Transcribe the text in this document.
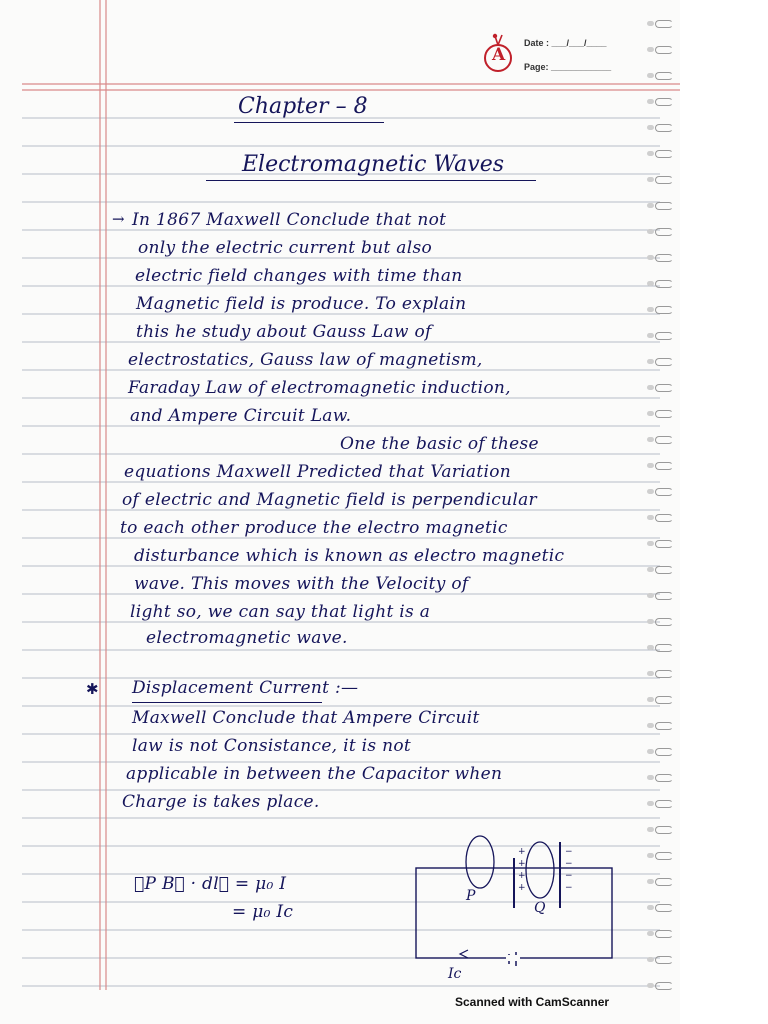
A
Date : ___/___/____
Page: ____________
Chapter – 8
Electromagnetic Waves
→ In 1867 Maxwell Conclude that not
only the electric current but also
electric field changes with time than
Magnetic field is produce. To explain
this he study about Gauss Law of
electrostatics, Gauss law of magnetism,
Faraday Law of electromagnetic induction,
and Ampere Circuit Law.
One the basic of these
equations Maxwell Predicted that Variation
of electric and Magnetic field is perpendicular
to each other produce the electro magnetic
disturbance which is known as electro magnetic
wave. This moves with the Velocity of
light so, we can say that light is a
electromagnetic wave.
✱ Displacement Current :—
Maxwell Conclude that Ampere Circuit
law is not Consistance, it is not
applicable in between the Capacitor when
Charge is takes place.
∮P B⃗ · dl⃗ = μ₀ I
= μ₀ Ic
+
+
+
+
−
−
−
−
P
Q
Ic
Scanned with CamScanner
